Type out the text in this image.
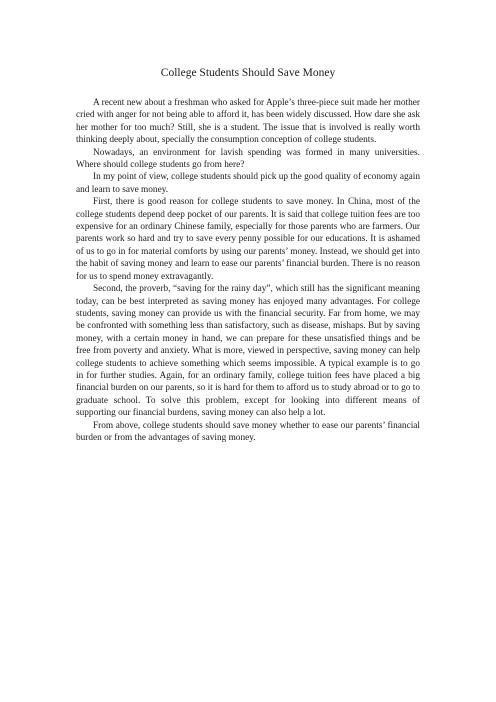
College Students Should Save Money

A recent new about a freshman who asked for Apple’s three-piece suit made her mother cried with anger for not being able to afford it, has been widely discussed. How dare she ask her mother for too much? Still, she is a student. The issue that is involved is really worth thinking deeply about, specially the consumption conception of college students.

Nowadays, an environment for lavish spending was formed in many universities. Where should college students go from here?

In my point of view, college students should pick up the good quality of economy again and learn to save money.

First, there is good reason for college students to save money. In China, most of the college students depend deep pocket of our parents. It is said that college tuition fees are too expensive for an ordinary Chinese family, especially for those parents who are farmers. Our parents work so hard and try to save every penny possible for our educations. It is ashamed of us to go in for material comforts by using our parents’ money. Instead, we should get into the habit of saving money and learn to ease our parents’ financial burden. There is no reason for us to spend money extravagantly.

Second, the proverb, “saving for the rainy day”, which still has the significant meaning today, can be best interpreted as saving money has enjoyed many advantages. For college students, saving money can provide us with the financial security. Far from home, we may be confronted with something less than satisfactory, such as disease, mishaps. But by saving money, with a certain money in hand, we can prepare for these unsatisfied things and be free from poverty and anxiety. What is more, viewed in perspective, saving money can help college students to achieve something which seems impossible. A typical example is to go in for further studies. Again, for an ordinary family, college tuition fees have placed a big financial burden on our parents, so it is hard for them to afford us to study abroad or to go to graduate school. To solve this problem, except for looking into different means of supporting our financial burdens, saving money can also help a lot.

From above, college students should save money whether to ease our parents’ financial burden or from the advantages of saving money.
